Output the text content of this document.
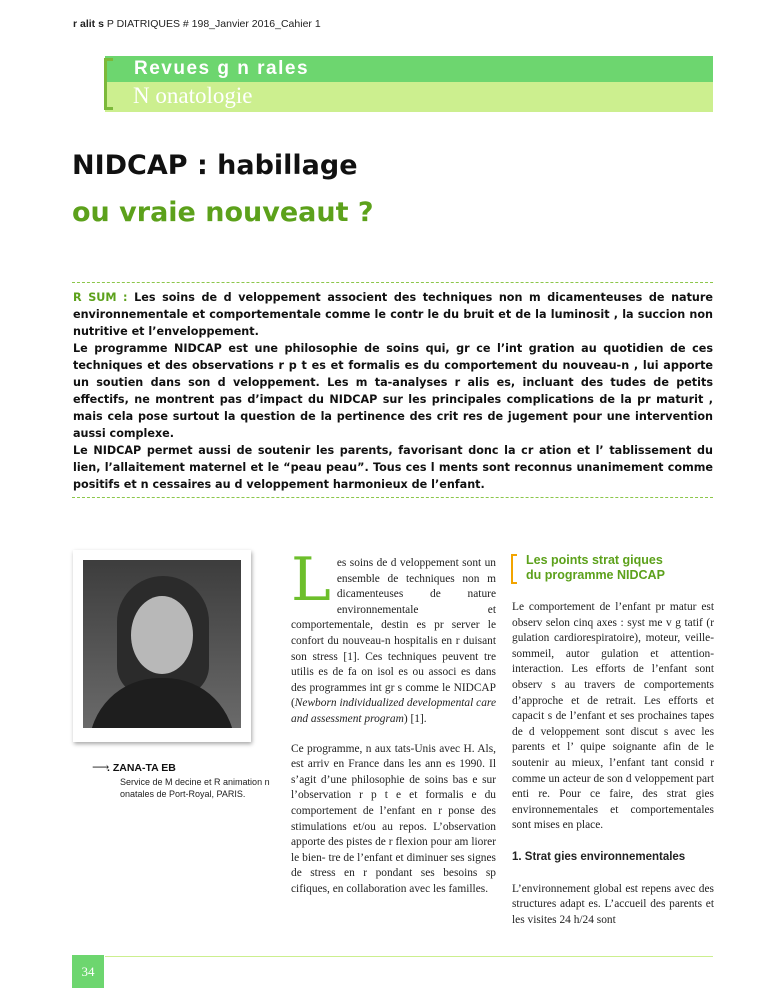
r alit s P DIATRIQUES # 198_Janvier 2016_Cahier 1
Revues g n rales
N onatologie
NIDCAP : habillage
ou vraie nouveaut ?

R SUM : Les soins de d veloppement associent des techniques non m dicamenteuses de nature environnementale et comportementale comme le contr le du bruit et de la luminosit , la succion non nutritive et l’enveloppement.

Le programme NIDCAP est une philosophie de soins qui, gr ce l’int gration au quotidien de ces techniques et des observations r p t es et formalis es du comportement du nouveau-n , lui apporte un soutien dans son d veloppement. Les m ta-analyses r alis es, incluant des tudes de petits effectifs, ne montrent pas d’impact du NIDCAP sur les principales complications de la pr maturit , mais cela pose surtout la question de la pertinence des crit res de jugement pour une intervention aussi complexe.

Le NIDCAP permet aussi de soutenir les parents, favorisant donc la cr ation et l’ tablissement du lien, l’allaitement maternel et le “peau peau”. Tous ces l ments sont reconnus unanimement comme positifs et n cessaires au d veloppement harmonieux de l’enfant.

⟶
. ZANA-TA EB
Service de M decine et R animation n onatales de Port-Royal, PARIS.

Les soins de d veloppement sont un ensemble de techniques non m dicamenteuses de nature environnementale et comportementale, destin es pr server le confort du nouveau-n hospitalis en r duisant son stress [1]. Ces techniques peuvent tre utilis es de fa on isol es ou associ es dans des programmes int gr s comme le NIDCAP (Newborn individualized developmental care and assessment program) [1].

Ce programme, n aux tats-Unis avec H. Als, est arriv en France dans les ann es 1990. Il s’agit d’une philosophie de soins bas e sur l’observation r p t e et formalis e du comportement de l’enfant en r ponse des stimulations et/ou au repos. L’observation apporte des pistes de r flexion pour am liorer le bien- tre de l’enfant et diminuer ses signes de stress en r pondant ses besoins sp cifiques, en collaboration avec les familles.

Les points strat giques
du programme NIDCAP

Le comportement de l’enfant pr matur est observ selon cinq axes : syst me v g tatif (r gulation cardiorespiratoire), moteur, veille-sommeil, autor gulation et attention-interaction. Les efforts de l’enfant sont observ s au travers de comportements d’approche et de retrait. Les efforts et capacit s de l’enfant et ses prochaines tapes de d veloppement sont discut s avec les parents et l’ quipe soignante afin de le soutenir au mieux, l’enfant tant consid r comme un acteur de son d veloppement part enti re. Pour ce faire, des strat gies environnementales et comportementales sont mises en place.

1. Strat gies environnementales

L’environnement global est repens avec des structures adapt es. L’accueil des parents et les visites 24 h/24 sont

34
